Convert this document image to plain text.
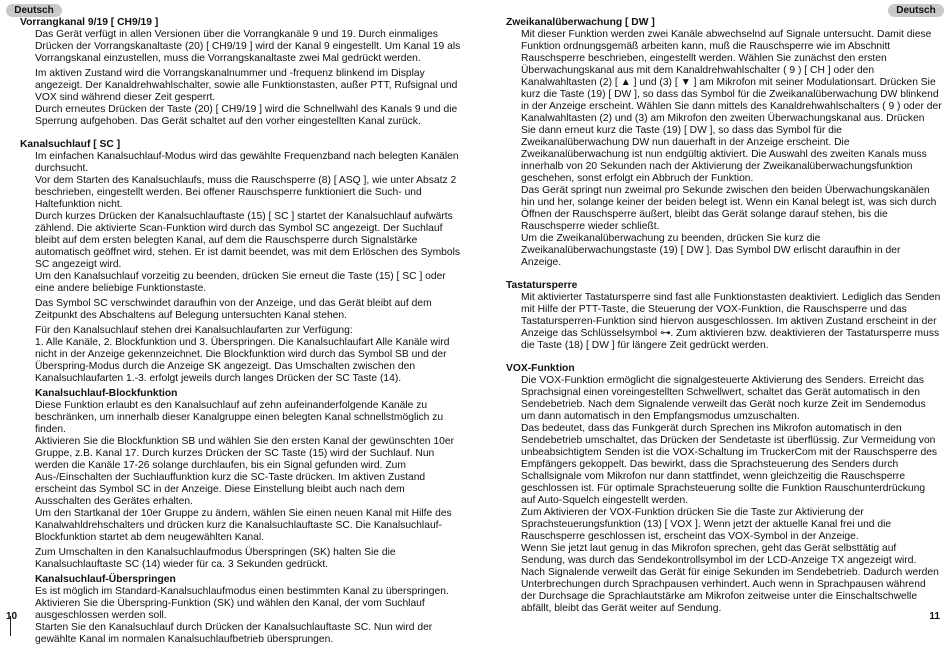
Deutsch
Vorrangkanal 9/19 [ CH9/19 ]
Das Gerät verfügt in allen Versionen über die Vorrangkanäle 9 und 19. Durch einmaliges Drücken der Vorrangskanaltaste (20) [ CH9/19 ] wird der Kanal 9 eingestellt. Um Kanal 19 als Vorrangskanal einzustellen, muss die Vorrangskanaltaste zwei Mal gedrückt werden.
Im aktiven Zustand wird die Vorrangskanalnummer und -frequenz blinkend im Display angezeigt. Der Kanaldrehwahlschalter, sowie alle Funktionstasten, außer PTT, Rufsignal und VOX sind während dieser Zeit gesperrt.
Durch erneutes Drücken der Taste (20) [ CH9/19 ] wird die Schnellwahl des Kanals 9 und die Sperrung aufgehoben. Das Gerät schaltet auf den vorher eingestellten Kanal zurück.
Kanalsuchlauf [ SC ]
Im einfachen Kanalsuchlauf-Modus wird das gewählte Frequenzband nach belegten Kanälen durchsucht.
Vor dem Starten des Kanalsuchlaufs, muss die Rauschsperre (8) [ ASQ ], wie unter Absatz 2 beschrieben, eingestellt werden. Bei offener Rauschsperre funktioniert die Such- und Haltefunktion nicht.
Durch kurzes Drücken der Kanalsuchlauftaste (15) [ SC ] startet der Kanalsuchlauf aufwärts zählend. Die aktivierte Scan-Funktion wird durch das Symbol SC angezeigt. Der Suchlauf bleibt auf dem ersten belegten Kanal, auf dem die Rauschsperre durch Signalstärke automatisch geöffnet wird, stehen. Er ist damit beendet, was mit dem Erlöschen des Symbols SC angezeigt wird.
Um den Kanalsuchlauf vorzeitig zu beenden, drücken Sie erneut die Taste (15) [ SC ] oder eine andere beliebige Funktionstaste.
Das Symbol SC verschwindet daraufhin von der Anzeige, und das Gerät bleibt auf dem Zeitpunkt des Abschaltens auf Belegung untersuchten Kanal stehen.
Für den Kanalsuchlauf stehen drei Kanalsuchlaufarten zur Verfügung:
1. Alle Kanäle, 2. Blockfunktion und 3. Überspringen. Die Kanalsuchlaufart Alle Kanäle wird nicht in der Anzeige gekennzeichnet. Die Blockfunktion wird durch das Symbol SB und der Überspring-Modus durch die Anzeige SK angezeigt. Das Umschalten zwischen den Kanalsuchlaufarten 1.-3. erfolgt jeweils durch langes Drücken der SC Taste (14).
Kanalsuchlauf-Blockfunktion
Diese Funktion erlaubt es den Kanalsuchlauf auf zehn aufeinanderfolgende Kanäle zu beschränken, um innerhalb dieser Kanalgruppe einen belegten Kanal schnellstmöglich zu finden.
Aktivieren Sie die Blockfunktion SB und wählen Sie den ersten Kanal der gewünschten 10er Gruppe, z.B. Kanal 17. Durch kurzes Drücken der SC Taste (15) wird der Suchlauf. Nun werden die Kanäle 17-26 solange durchlaufen, bis ein Signal gefunden wird. Zum Aus-/Einschalten der Suchlauffunktion kurz die SC-Taste drücken. Im aktiven Zustand erscheint das Symbol SC in der Anzeige. Diese Einstellung bleibt auch nach dem Ausschalten des Gerätes erhalten.
Um den Startkanal der 10er Gruppe zu ändern, wählen Sie einen neuen Kanal mit Hilfe des Kanalwahldrehschalters und drücken kurz die Kanalsuchlauftaste SC. Die Kanalsuchlauf-Blockfunktion startet ab dem neugewählten Kanal.
Zum Umschalten in den Kanalsuchlaufmodus Überspringen (SK) halten Sie die Kanalsuchlauftaste SC (14) wieder für ca. 3 Sekunden gedrückt.
Kanalsuchlauf-Überspringen
Es ist möglich im Standard-Kanalsuchlaufmodus einen bestimmten Kanal zu überspringen.
Aktivieren Sie die Überspring-Funktion (SK) und wählen den Kanal, der vom Suchlauf ausgeschlossen werden soll.
Starten Sie den Kanalsuchlauf durch Drücken der Kanalsuchlauftaste SC. Nun wird der gewählte Kanal im normalen Kanalsuchlaufbetrieb übersprungen.
10
Deutsch
Zweikanalüberwachung [ DW ]
Mit dieser Funktion werden zwei Kanäle abwechselnd auf Signale untersucht. Damit diese Funktion ordnungsgemäß arbeiten kann, muß die Rauschsperre wie im Abschnitt Rauschsperre beschrieben, eingestellt werden. Wählen Sie zunächst den ersten Überwachungskanal aus mit dem Kanaldrehwahlschalter ( 9 ) [ CH ] oder den Kanalwahltasten (2) [ ▲ ] und (3) [ ▼ ] am Mikrofon mit seiner Modulationsart. Drücken Sie kurz die Taste (19) [ DW ], so dass das Symbol für die Zweikanalüberwachung DW blinkend in der Anzeige erscheint. Wählen Sie dann mittels des Kanaldrehwahlschalters ( 9 ) oder der Kanalwahltasten (2) und (3) am Mikrofon den zweiten Überwachungskanal aus. Drücken Sie dann erneut kurz die Taste (19) [ DW ], so dass das Symbol für die Zweikanalüberwachung DW nun dauerhaft in der Anzeige erscheint. Die Zweikanalüberwachung ist nun endgültig aktiviert. Die Auswahl des zweiten Kanals muss innerhalb von 20 Sekunden nach der Aktivierung der Zweikanalüberwachungsfunktion geschehen, sonst erfolgt ein Abbruch der Funktion.
Das Gerät springt nun zweimal pro Sekunde zwischen den beiden Überwachungskanälen hin und her, solange keiner der beiden belegt ist. Wenn ein Kanal belegt ist, was sich durch Öffnen der Rauschsperre äußert, bleibt das Gerät solange darauf stehen, bis die Rauschsperre wieder schließt.
Um die Zweikanalüberwachung zu beenden, drücken Sie kurz die Zweikanalüberwachungstaste (19) [ DW ]. Das Symbol DW erlischt daraufhin in der Anzeige.
Tastatursperre
Mit aktivierter Tastatursperre sind fast alle Funktionstasten deaktiviert. Lediglich das Senden mit Hilfe der PTT-Taste, die Steuerung der VOX-Funktion, die Rauschsperre und das Tastatursperren-Funktion sind hiervon ausgeschlossen. Im aktiven Zustand erscheint in der Anzeige das Schlüsselsymbol ⊶. Zum aktivieren bzw. deaktivieren der Tastatursperre muss die Taste (18) [ DW ] für längere Zeit gedrückt werden.
VOX-Funktion
Die VOX-Funktion ermöglicht die signalgesteuerte Aktivierung des Senders. Erreicht das Sprachsignal einen voreingestellten Schwellwert, schaltet das Gerät automatisch in den Sendebetrieb. Nach dem Signalende verweilt das Gerät noch kurze Zeit im Sendemodus um dann automatisch in den Empfangsmodus umzuschalten.
Das bedeutet, dass das Funkgerät durch Sprechen ins Mikrofon automatisch in den Sendebetrieb umschaltet, das Drücken der Sendetaste ist überflüssig. Zur Vermeidung von unbeabsichtigtem Senden ist die VOX-Schaltung im TruckerCom mit der Rauschsperre des Empfängers gekoppelt. Das bewirkt, dass die Sprachsteuerung des Senders durch Schallsignale vom Mikrofon nur dann stattfindet, wenn gleichzeitig die Rauschsperre geschlossen ist. Für optimale Sprachsteuerung sollte die Funktion Rauschunterdrückung auf Auto-Squelch eingestellt werden.
Zum Aktivieren der VOX-Funktion drücken Sie die Taste zur Aktivierung der Sprachsteuerungsfunktion (13) [ VOX ]. Wenn jetzt der aktuelle Kanal frei und die Rauschsperre geschlossen ist, erscheint das VOX-Symbol in der Anzeige.
Wenn Sie jetzt laut genug in das Mikrofon sprechen, geht das Gerät selbsttätig auf Sendung, was durch das Sendekontrollsymbol im der LCD-Anzeige TX angezeigt wird.
Nach Signalende verweilt das Gerät für einige Sekunden im Sendebetrieb. Dadurch werden Unterbrechungen durch Sprachpausen verhindert. Auch wenn in Sprachpausen während der Durchsage die Sprachlautstärke am Mikrofon zeitweise unter die Einschaltschwelle abfällt, bleibt das Gerät weiter auf Sendung.
11
